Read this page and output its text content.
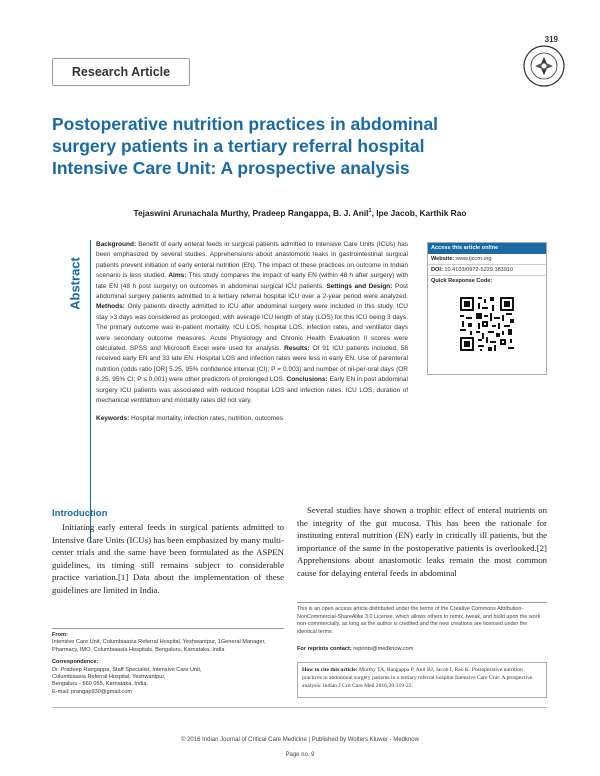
319
Research Article
Postoperative nutrition practices in abdominal surgery patients in a tertiary referral hospital Intensive Care Unit: A prospective analysis
Tejaswini Arunachala Murthy, Pradeep Rangappa, B. J. Anil$^1$, Ipe Jacob, Karthik Rao
Abstract

Background: Benefit of early enteral feeds in surgical patients admitted to Intensive Care Units (ICUs) has been emphasized by several studies. Apprehensions about anastomotic leaks in gastrointestinal surgical patients prevent initiation of early enteral nutrition (EN). The impact of these practices on outcome in Indian scenario is less studied. Aims: This study compares the impact of early EN (within 48 h after surgery) with late EN (48 h post surgery) on outcomes in abdominal surgical ICU patients. Settings and Design: Post abdominal surgery patients admitted to a tertiary referral hospital ICU over a 2-year period were analyzed. Methods: Only patients directly admitted to ICU after abdominal surgery were included in this study. ICU stay >3 days was considered as prolonged; with average ICU length of stay (LOS) for this ICU being 3 days. The primary outcome was in-patient mortality. ICU LOS, hospital LOS, infection rates, and ventilator days were secondary outcome measures. Acute Physiology and Chronic Health Evaluation II scores were calculated. SPSS and Microsoft Excel were used for analysis. Results: Of 91 ICU patients included, 58 received early EN and 33 late EN. Hospital LOS and infection rates were less in early EN. Use of parenteral nutrition (odds ratio [OR] 5.25, 95% confidence interval (CI); P = 0.003) and number of nil-per-oral days (OR 8.25, 95% CI; P ≤ 0.001) were other predictors of prolonged LOS. Conclusions: Early EN in post abdominal surgery ICU patients was associated with reduced hospital LOS and infection rates. ICU LOS, duration of mechanical ventilation and mortality rates did not vary.

Keywords: Hospital mortality, infection rates, nutrition, outcomes

Access this article online
Website: www.ijccm.org
DOI: 10.4103/0972-5229.183910
Quick Response Code:
Introduction

Initiating early enteral feeds in surgical patients admitted to Intensive Care Units (ICUs) has been emphasized by many multi-center trials and the same have been formulated as the ASPEN guidelines, its timing still remains subject to considerable practice variation.[1] Data about the implementation of these guidelines are limited in India.

Several studies have shown a trophic effect of enteral nutrients on the integrity of the gut mucosa. This has been the rationale for instituting enteral nutrition (EN) early in critically ill patients, but the importance of the same in the postoperative patients is overlooked.[2] Apprehensions about anastomotic leaks remain the most common cause for delaying enteral feeds in abdominal

This is an open access article distributed under the terms of the Creative Commons Attribution-NonCommercial-ShareAlike 3.0 License, which allows others to remix, tweak, and build upon the work non-commercially, as long as the author is credited and the new creations are licensed under the identical terms.
For reprints contact: reprints@medknow.com
How to cite this article: Murthy TA, Rangappa P, Anil BJ, Jacob I, Rao K. Postoperative nutrition practices in abdominal surgery patients in a tertiary referral hospital Intensive Care Unit: A prospective analysis. Indian J Crit Care Med 2016;20:319-22.
From:
Intensive Care Unit, Columbiaasia Referral Hospital, Yeshwantpur, 1General Manager, Pharmacy, IMO, Columbiaasia Hospitals, Bengaluru, Karnataka, India
Correspondence:
Dr. Pradeep Rangappa, Staff Specialist, Intensive Care Unit,
Columbiaasia Referral Hospital, Yeshwantpur,
Bengaluru - 560 055, Karnataka, India.
E-mail: prangap930@gmail.com
© 2016 Indian Journal of Critical Care Medicine | Published by Wolters Kluwer - Medknow
Page no. 9
